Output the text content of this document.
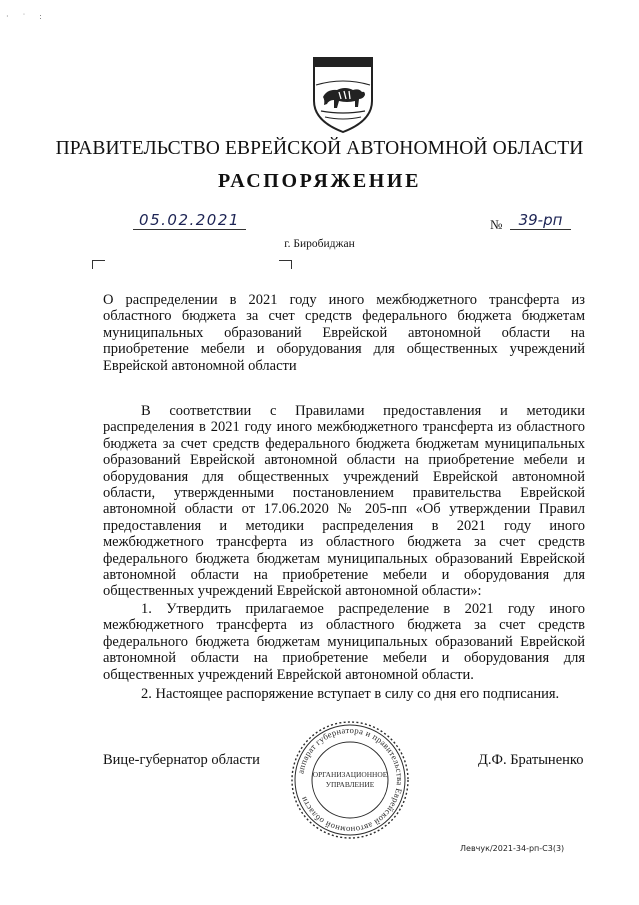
· ˙ :
ПРАВИТЕЛЬСТВО ЕВРЕЙСКОЙ АВТОНОМНОЙ ОБЛАСТИ
РАСПОРЯЖЕНИЕ
05.02.2021	№	39-рп
г. Биробиджан
О распределении в 2021 году иного межбюджетного трансферта из областного бюджета за счет средств федерального бюджета бюджетам муниципальных образований Еврейской автономной области на приобретение мебели и оборудования для общественных учреждений Еврейской автономной области
В соответствии с Правилами предоставления и методики распределения в 2021 году иного межбюджетного трансферта из областного бюджета за счет средств федерального бюджета бюджетам муниципальных образований Еврейской автономной области на приобретение мебели и оборудования для общественных учреждений Еврейской автономной области, утвержденными постановлением правительства Еврейской автономной области от 17.06.2020 № 205-пп «Об утверждении Правил предоставления и методики распределения в 2021 году иного межбюджетного трансферта из областного бюджета за счет средств федерального бюджета бюджетам муниципальных образований Еврейской автономной области на приобретение мебели и оборудования для общественных учреждений Еврейской автономной области»:
1. Утвердить прилагаемое распределение в 2021 году иного межбюджетного трансферта из областного бюджета за счет средств федерального бюджета бюджетам муниципальных образований Еврейской автономной области на приобретение мебели и оборудования для общественных учреждений Еврейской автономной области.
2. Настоящее распоряжение вступает в силу со дня его подписания.
Вице-губернатор области
аппарат губернатора и правительства Еврейской автономной области
ОРГАНИЗАЦИОННОЕ
УПРАВЛЕНИЕ
Д.Ф. Братыненко
Левчук/2021-34-рп-С3(3)
